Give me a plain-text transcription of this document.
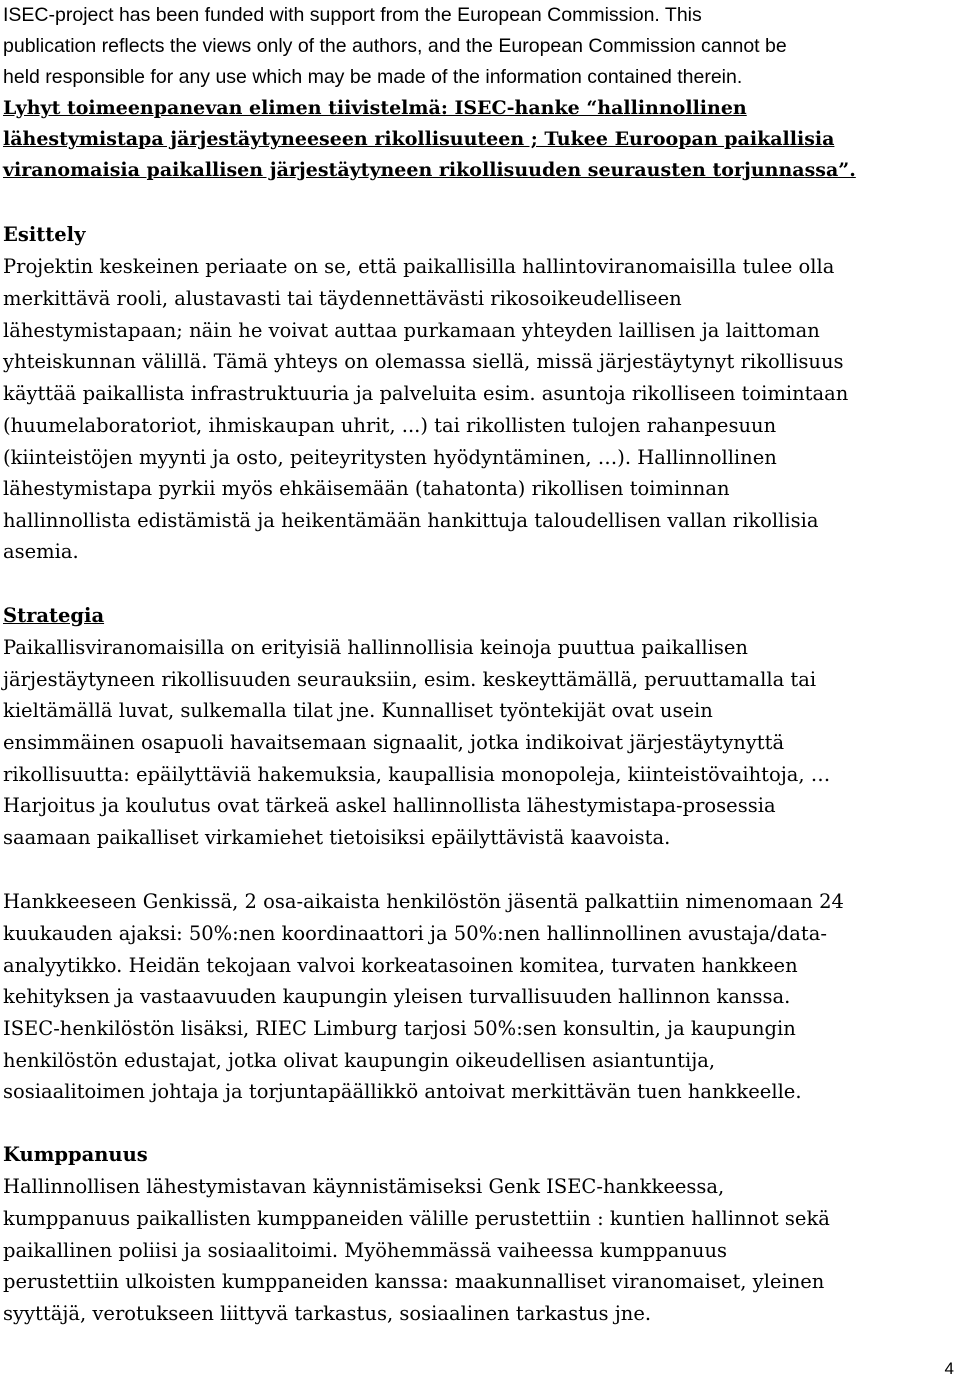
ISEC-project has been funded with support from the European Commission. This
publication reflects the views only of the authors, and the European Commission cannot be
held responsible for any use which may be made of the information contained therein.
Lyhyt toimeenpanevan elimen tiivistelmä: ISEC-hanke “hallinnollinen
lähestymistapa järjestäytyneeseen rikollisuuteen ; Tukee Euroopan paikallisia
viranomaisia paikallisen järjestäytyneen rikollisuuden seurausten torjunnassa”.
Esittely
Projektin keskeinen periaate on se, että paikallisilla hallintoviranomaisilla tulee olla
merkittävä rooli, alustavasti tai täydennettävästi rikosoikeudelliseen
lähestymistapaan; näin he voivat auttaa purkamaan yhteyden laillisen ja laittoman
yhteiskunnan välillä. Tämä yhteys on olemassa siellä, missä järjestäytynyt rikollisuus
käyttää paikallista infrastruktuuria ja palveluita esim. asuntoja rikolliseen toimintaan
(huumelaboratoriot, ihmiskaupan uhrit, ...) tai rikollisten tulojen rahanpesuun
(kiinteistöjen myynti ja osto, peiteyritysten hyödyntäminen, …). Hallinnollinen
lähestymistapa pyrkii myös ehkäisemään (tahatonta) rikollisen toiminnan
hallinnollista edistämistä ja heikentämään hankittuja taloudellisen vallan rikollisia
asemia.
Strategia
Paikallisviranomaisilla on erityisiä hallinnollisia keinoja puuttua paikallisen
järjestäytyneen rikollisuuden seurauksiin, esim. keskeyttämällä, peruuttamalla tai
kieltämällä luvat, sulkemalla tilat jne. Kunnalliset työntekijät ovat usein
ensimmäinen osapuoli havaitsemaan signaalit, jotka indikoivat järjestäytynyttä
rikollisuutta: epäilyttäviä hakemuksia, kaupallisia monopoleja, kiinteistövaihtoja, …
Harjoitus ja koulutus ovat tärkeä askel hallinnollista lähestymistapa-prosessia
saamaan paikalliset virkamiehet tietoisiksi epäilyttävistä kaavoista.
Hankkeeseen Genkissä, 2 osa-aikaista henkilöstön jäsentä palkattiin nimenomaan 24
kuukauden ajaksi: 50%:nen koordinaattori ja 50%:nen hallinnollinen avustaja/data-
analyytikko. Heidän tekojaan valvoi korkeatasoinen komitea, turvaten hankkeen
kehityksen ja vastaavuuden kaupungin yleisen turvallisuuden hallinnon kanssa.
ISEC-henkilöstön lisäksi, RIEC Limburg tarjosi 50%:sen konsultin, ja kaupungin
henkilöstön edustajat, jotka olivat kaupungin oikeudellisen asiantuntija,
sosiaalitoimen johtaja ja torjuntapäällikkö antoivat merkittävän tuen hankkeelle.
Kumppanuus
Hallinnollisen lähestymistavan käynnistämiseksi Genk ISEC-hankkeessa,
kumppanuus paikallisten kumppaneiden välille perustettiin : kuntien hallinnot sekä
paikallinen poliisi ja sosiaalitoimi. Myöhemmässä vaiheessa kumppanuus
perustettiin ulkoisten kumppaneiden kanssa: maakunnalliset viranomaiset, yleinen
syyttäjä, verotukseen liittyvä tarkastus, sosiaalinen tarkastus jne.
4
